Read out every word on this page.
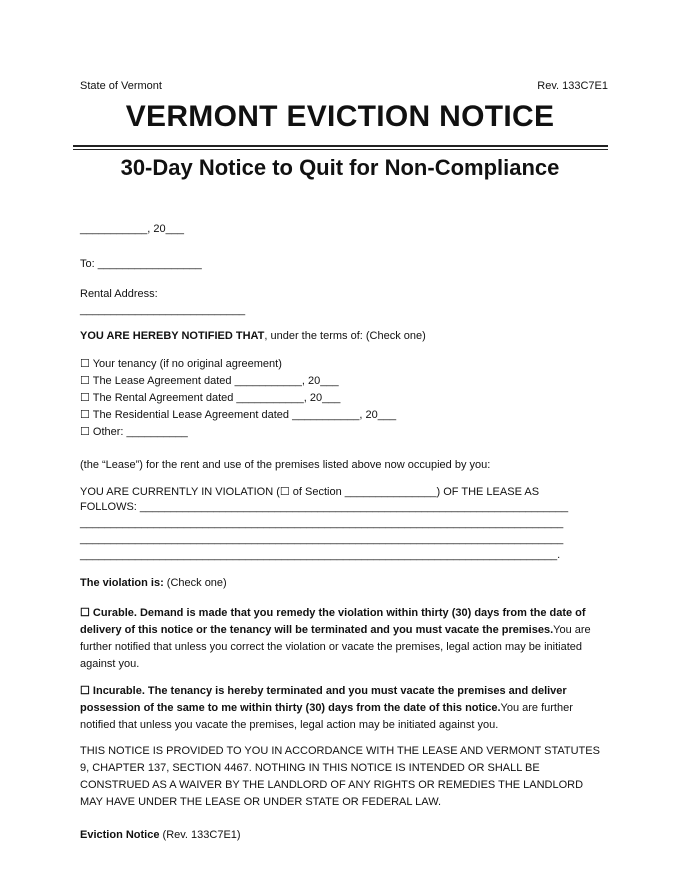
State of Vermont	Rev. 133C7E1
VERMONT EVICTION NOTICE
30-Day Notice to Quit for Non-Compliance
___________, 20___
To: _________________
Rental Address:
___________________________
YOU ARE HEREBY NOTIFIED THAT, under the terms of: (Check one)
☐ Your tenancy (if no original agreement)
☐ The Lease Agreement dated ___________, 20___
☐ The Rental Agreement dated ___________, 20___
☐ The Residential Lease Agreement dated ___________, 20___
☐ Other: __________
(the “Lease”) for the rent and use of the premises listed above now occupied by you:
YOU ARE CURRENTLY IN VIOLATION (☐ of Section _______________) OF THE LEASE AS
FOLLOWS: ______________________________________________________________________
_______________________________________________________________________________
_______________________________________________________________________________
______________________________________________________________________________.
The violation is: (Check one)
☐ Curable. Demand is made that you remedy the violation within thirty (30) days from the date of delivery of this notice or the tenancy will be terminated and you must vacate the premises.You are further notified that unless you correct the violation or vacate the premises, legal action may be initiated against you.
☐ Incurable. The tenancy is hereby terminated and you must vacate the premises and deliver possession of the same to me within thirty (30) days from the date of this notice.You are further notified that unless you vacate the premises, legal action may be initiated against you.
THIS NOTICE IS PROVIDED TO YOU IN ACCORDANCE WITH THE LEASE AND VERMONT STATUTES 9, CHAPTER 137, SECTION 4467. NOTHING IN THIS NOTICE IS INTENDED OR SHALL BE CONSTRUED AS A WAIVER BY THE LANDLORD OF ANY RIGHTS OR REMEDIES THE LANDLORD MAY HAVE UNDER THE LEASE OR UNDER STATE OR FEDERAL LAW.
Eviction Notice (Rev. 133C7E1)
